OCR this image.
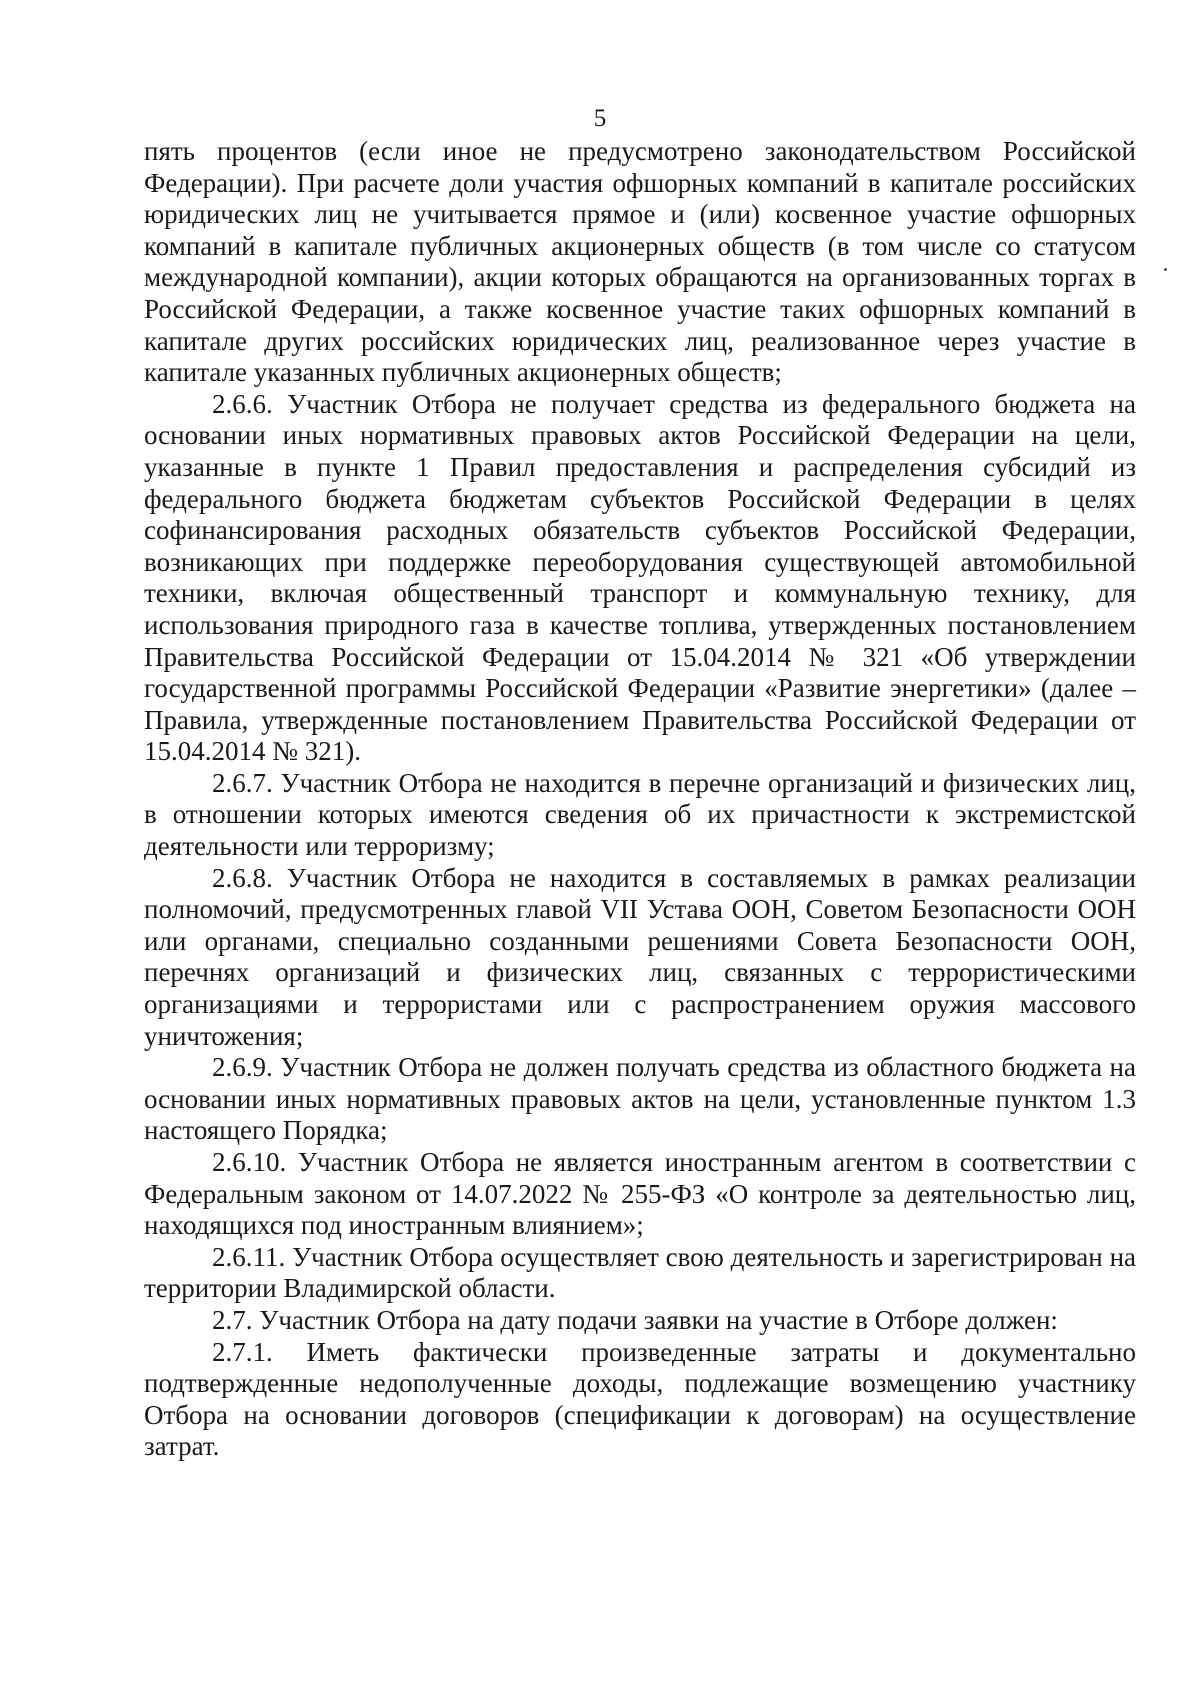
5

пять процентов (если иное не предусмотрено законодательством Российской Федерации). При расчете доли участия офшорных компаний в капитале российских юридических лиц не учитывается прямое и (или) косвенное участие офшорных компаний в капитале публичных акционерных обществ (в том числе со статусом международной компании), акции которых обращаются на организованных торгах в Российской Федерации, а также косвенное участие таких офшорных компаний в капитале других российских юридических лиц, реализованное через участие в капитале указанных публичных акционерных обществ;

2.6.6. Участник Отбора не получает средства из федерального бюджета на основании иных нормативных правовых актов Российской Федерации на цели, указанные в пункте 1 Правил предоставления и распределения субсидий из федерального бюджета бюджетам субъектов Российской Федерации в целях софинансирования расходных обязательств субъектов Российской Федерации, возникающих при поддержке переоборудования существующей автомобильной техники, включая общественный транспорт и коммунальную технику, для использования природного газа в качестве топлива, утвержденных постановлением Правительства Российской Федерации от 15.04.2014 № 321 «Об утверждении государственной программы Российской Федерации «Развитие энергетики» (далее – Правила, утвержденные постановлением Правительства Российской Федерации от 15.04.2014 № 321).

2.6.7. Участник Отбора не находится в перечне организаций и физических лиц, в отношении которых имеются сведения об их причастности к экстремистской деятельности или терроризму;

2.6.8. Участник Отбора не находится в составляемых в рамках реализации полномочий, предусмотренных главой VII Устава ООН, Советом Безопасности ООН или органами, специально созданными решениями Совета Безопасности ООН, перечнях организаций и физических лиц, связанных с террористическими организациями и террористами или с распространением оружия массового уничтожения;

2.6.9. Участник Отбора не должен получать средства из областного бюджета на основании иных нормативных правовых актов на цели, установленные пунктом 1.3 настоящего Порядка;

2.6.10. Участник Отбора не является иностранным агентом в соответствии с Федеральным законом от 14.07.2022 № 255-ФЗ «О контроле за деятельностью лиц, находящихся под иностранным влиянием»;

2.6.11. Участник Отбора осуществляет свою деятельность и зарегистрирован на территории Владимирской области.

2.7. Участник Отбора на дату подачи заявки на участие в Отборе должен:

2.7.1. Иметь фактически произведенные затраты и документально подтвержденные недополученные доходы, подлежащие возмещению участнику Отбора на основании договоров (спецификации к договорам) на осуществление затрат.
